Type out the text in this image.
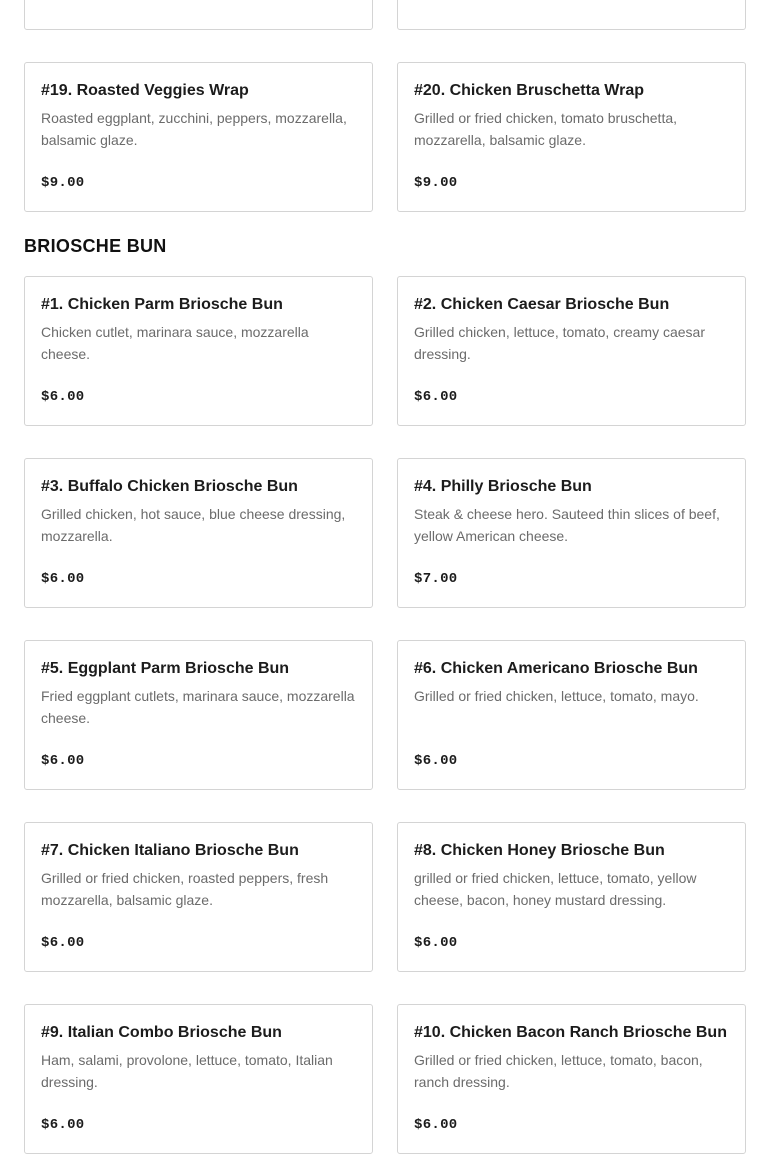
#19. Roasted Veggies Wrap
Roasted eggplant, zucchini, peppers, mozzarella, balsamic glaze.
$9.00
#20. Chicken Bruschetta Wrap
Grilled or fried chicken, tomato bruschetta, mozzarella, balsamic glaze.
$9.00
BRIOSCHE BUN
#1. Chicken Parm Briosche Bun
Chicken cutlet, marinara sauce, mozzarella cheese.
$6.00
#2. Chicken Caesar Briosche Bun
Grilled chicken, lettuce, tomato, creamy caesar dressing.
$6.00
#3. Buffalo Chicken Briosche Bun
Grilled chicken, hot sauce, blue cheese dressing, mozzarella.
$6.00
#4. Philly Briosche Bun
Steak & cheese hero. Sauteed thin slices of beef, yellow American cheese.
$7.00
#5. Eggplant Parm Briosche Bun
Fried eggplant cutlets, marinara sauce, mozzarella cheese.
$6.00
#6. Chicken Americano Briosche Bun
Grilled or fried chicken, lettuce, tomato, mayo.
$6.00
#7. Chicken Italiano Briosche Bun
Grilled or fried chicken, roasted peppers, fresh mozzarella, balsamic glaze.
$6.00
#8. Chicken Honey Briosche Bun
grilled or fried chicken, lettuce, tomato, yellow cheese, bacon, honey mustard dressing.
$6.00
#9. Italian Combo Briosche Bun
Ham, salami, provolone, lettuce, tomato, Italian dressing.
$6.00
#10. Chicken Bacon Ranch Briosche Bun
Grilled or fried chicken, lettuce, tomato, bacon, ranch dressing.
$6.00
